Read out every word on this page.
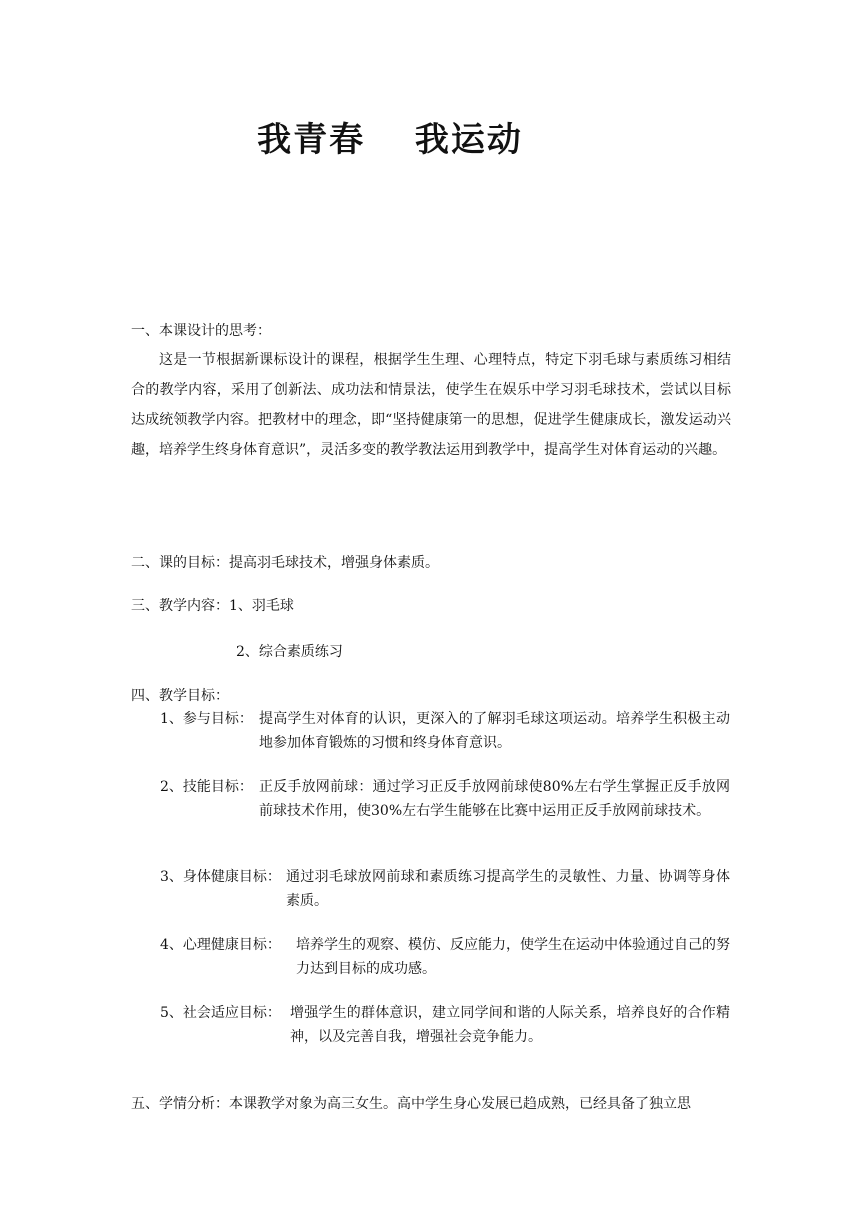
我青春　 我运动
一、本课设计的思考：
这是一节根据新课标设计的课程，根据学生生理、心理特点，特定下羽毛球与素质练习相结合的教学内容，采用了创新法、成功法和情景法，使学生在娱乐中学习羽毛球技术，尝试以目标达成统领教学内容。把教材中的理念，即“坚持健康第一的思想，促进学生健康成长，激发运动兴趣，培养学生终身体育意识”，灵活多变的教学教法运用到教学中，提高学生对体育运动的兴趣。
二、课的目标：提高羽毛球技术，增强身体素质。
三、教学内容：1、羽毛球
2、综合素质练习
四、教学目标：
1、参与目标： 提高学生对体育的认识，更深入的了解羽毛球这项运动。培养学生积极主动地参加体育锻炼的习惯和终身体育意识。
2、技能目标： 正反手放网前球：通过学习正反手放网前球使80%左右学生掌握正反手放网前球技术作用，使30%左右学生能够在比赛中运用正反手放网前球技术。
3、身体健康目标： 通过羽毛球放网前球和素质练习提高学生的灵敏性、力量、协调等身体素质。
4、心理健康目标： 培养学生的观察、模仿、反应能力，使学生在运动中体验通过自己的努力达到目标的成功感。
5、社会适应目标： 增强学生的群体意识，建立同学间和谐的人际关系，培养良好的合作精神，以及完善自我，增强社会竞争能力。
五、学情分析：本课教学对象为高三女生。高中学生身心发展已趋成熟，已经具备了独立思
